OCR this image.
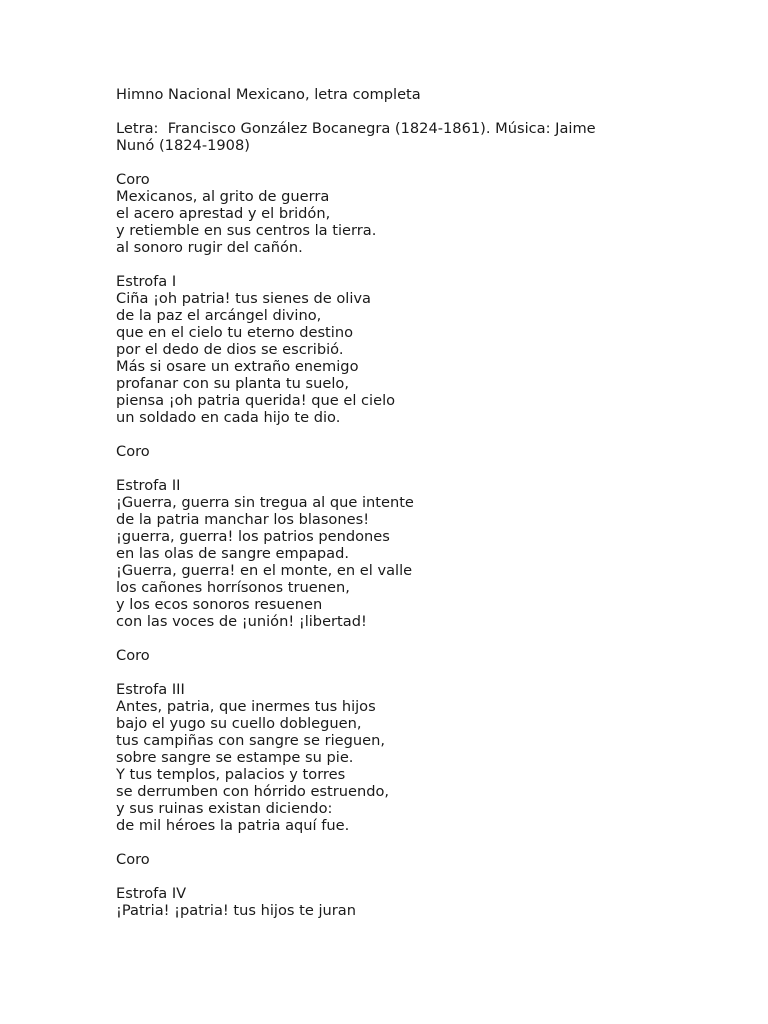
Himno Nacional Mexicano, letra completa
Letra:  Francisco González Bocanegra (1824-1861). Música: Jaime
Nunó (1824-1908)
Coro
Mexicanos, al grito de guerra
el acero aprestad y el bridón,
y retiemble en sus centros la tierra.
al sonoro rugir del cañón.
Estrofa I
Ciña ¡oh patria! tus sienes de oliva
de la paz el arcángel divino,
que en el cielo tu eterno destino
por el dedo de dios se escribió.
Más si osare un extraño enemigo
profanar con su planta tu suelo,
piensa ¡oh patria querida! que el cielo
un soldado en cada hijo te dio.
Coro
Estrofa II
¡Guerra, guerra sin tregua al que intente
de la patria manchar los blasones!
¡guerra, guerra! los patrios pendones
en las olas de sangre empapad.
¡Guerra, guerra! en el monte, en el valle
los cañones horrísonos truenen,
y los ecos sonoros resuenen
con las voces de ¡unión! ¡libertad!
Coro
Estrofa III
Antes, patria, que inermes tus hijos
bajo el yugo su cuello dobleguen,
tus campiñas con sangre se rieguen,
sobre sangre se estampe su pie.
Y tus templos, palacios y torres
se derrumben con hórrido estruendo,
y sus ruinas existan diciendo:
de mil héroes la patria aquí fue.
Coro
Estrofa IV
¡Patria! ¡patria! tus hijos te juran
